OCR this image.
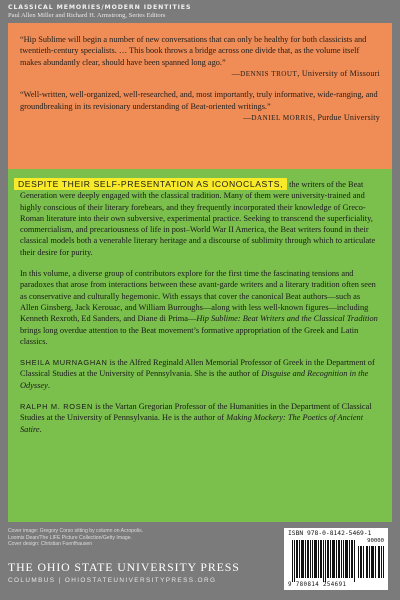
CLASSICAL MEMORIES/MODERN IDENTITIES
Paul Allen Miller and Richard H. Armstrong, Series Editors

“Hip Sublime will begin a number of new conversations that can only be healthy for both classicists and twentieth-century specialists. … This book throws a bridge across one divide that, as the volume itself makes abundantly clear, should have been spanned long ago.”

—DENNIS TROUT, University of Missouri

“Well-written, well-organized, well-researched, and, most importantly, truly informative, wide-ranging, and groundbreaking in its revisionary understanding of Beat-oriented writings.”

—DANIEL MORRIS, Purdue University

DESPITE THEIR SELF-PRESENTATION AS ICONOCLASTS, the writers of the Beat Generation were deeply engaged with the classical tradition. Many of them were university-trained and highly conscious of their literary forebears, and they frequently incorporated their knowledge of Greco-Roman literature into their own subversive, experimental practice. Seeking to transcend the superficiality, commercialism, and precariousness of life in post–World War II America, the Beat writers found in their classical models both a venerable literary heritage and a discourse of sublimity through which to articulate their desire for purity.

In this volume, a diverse group of contributors explore for the first time the fascinating tensions and paradoxes that arose from interactions between these avant-garde writers and a literary tradition often seen as conservative and culturally hegemonic. With essays that cover the canonical Beat authors—such as Allen Ginsberg, Jack Kerouac, and William Burroughs—along with less well-known figures—including Kenneth Rexroth, Ed Sanders, and Diane di Prima—Hip Sublime: Beat Writers and the Classical Tradition brings long overdue attention to the Beat movement’s formative appropriation of the Greek and Latin classics.

SHEILA MURNAGHAN is the Alfred Reginald Allen Memorial Professor of Greek in the Department of Classical Studies at the University of Pennsylvania. She is the author of Disguise and Recognition in the Odyssey.

RALPH M. ROSEN is the Vartan Gregorian Professor of the Humanities in the Department of Classical Studies at the University of Pennsylvania. He is the author of Making Mockery: The Poetics of Ancient Satire.

Cover image: Gregory Corso sitting by column on Acropolis.
Loomis Dean/The LIFE Picture Collection/Getty Image.
Cover design: Christian Fuenfhausen
THE OHIO STATE UNIVERSITY PRESS
COLUMBUS | OHIOSTATEUNIVERSITYPRESS.ORG
ISBN 978-0-8142-5469-1
90000
9 780814 254691
